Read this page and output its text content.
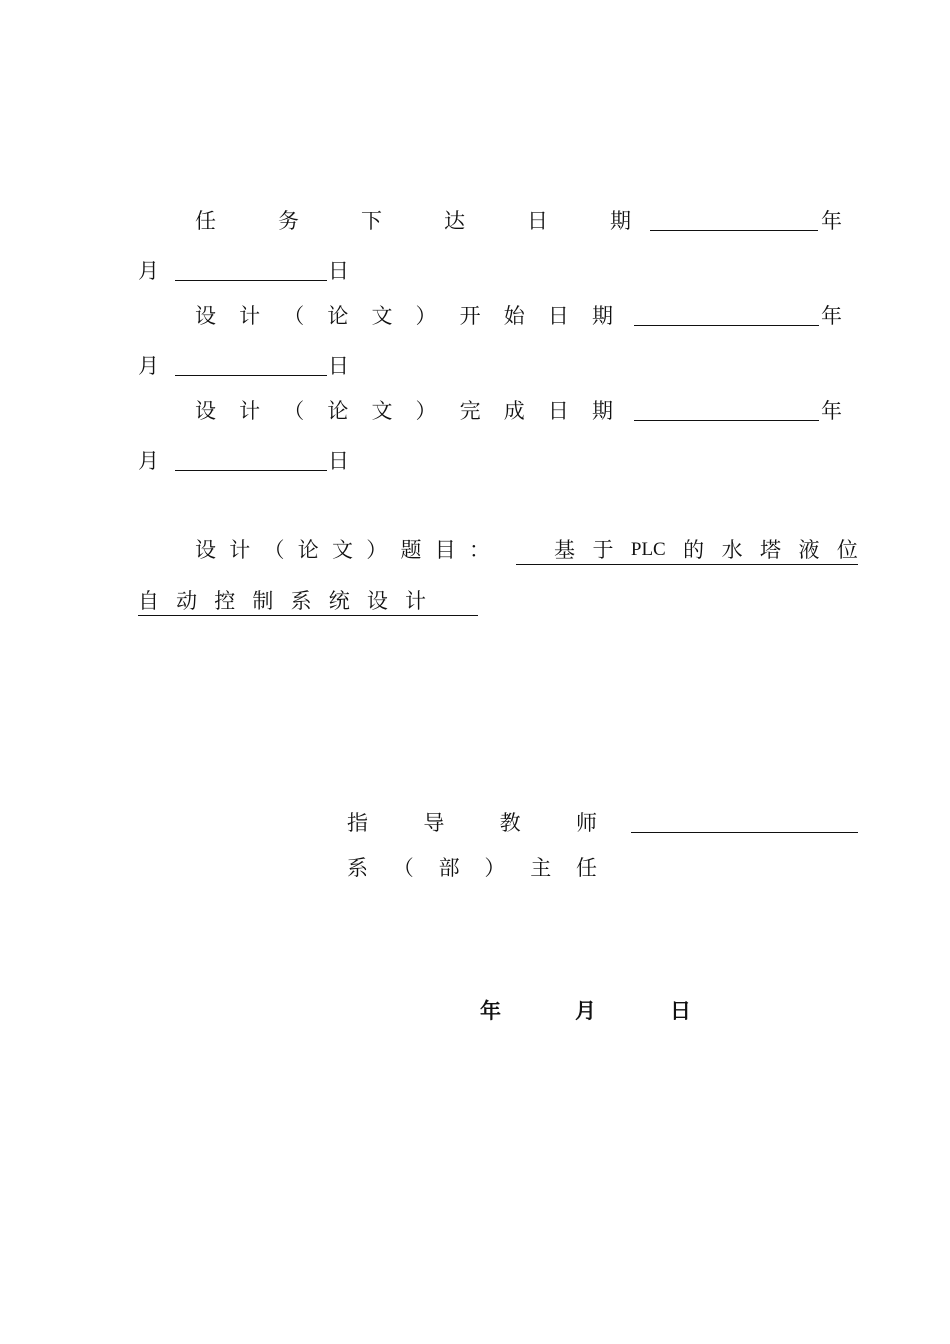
任	务	下	达	日	期	年
月	日
设 计 （ 论 文 ） 开 始 日 期	年
月	日
设 计 （ 论 文 ） 完 成 日 期	年
月	日
设 计 （ 论 文 ） 题 目 ：	基 于 PLC 的 水 塔 液 位
自 动 控 制 系 统 设 计
指	导	教	师
系 （ 部 ） 主 任
年	月	日
